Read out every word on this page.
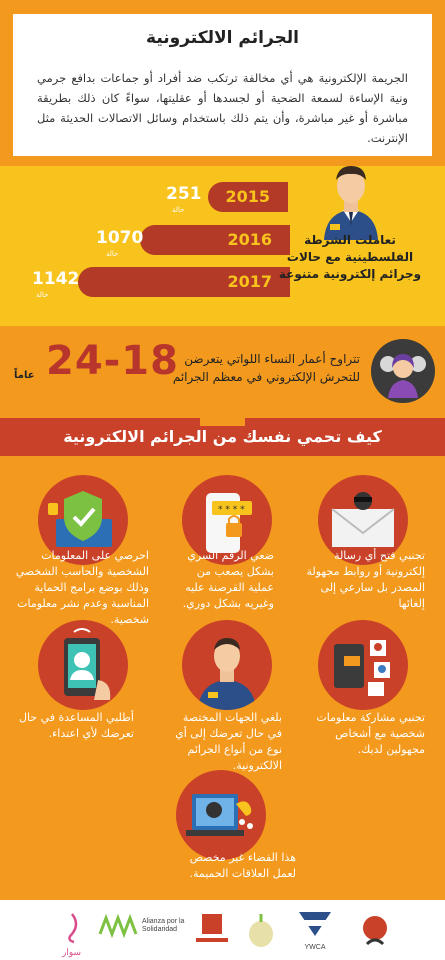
الجرائم الالكترونية
الجريمة الإلكترونية هي أي مخالفة ترتكب ضد أفراد أو جماعات بدافع جرمي ونية الإساءة لسمعة الضحية أو لجسدها أو عقليتها، سواءً كان ذلك بطريقة مباشرة أو غير مباشرة، وأن يتم ذلك باستخدام وسائل الاتصالات الحديثة مثل الإنترنت.
2015
251
حالة
2016
1070
حالة
2017
1142
حالة
تعاملت الشرطة الفلسطينية مع حالات وجرائم إلكترونية متنوعة
24-18
عاماً
تتراوح أعمار النساء اللواتي يتعرضن للتحرش الإلكتروني في معظم الجرائم
كيف تحمي نفسك من الجرائم الالكترونية
تجنبي فتح أي رسالة إلكترونية أو روابط مجهولة المصدر بل سارعي إلى إلغائها
* * * *
ضعي الرقم السري بشكل يصعب من عملية القرصنة عليه وغيريه بشكل دوري.
احرصي على المعلومات الشخصية والحاسب الشخصي وذلك بوضع برامج الحماية المناسبة وعدم نشر معلومات شخصية.
تجنبي مشاركة معلومات شخصية مع أشخاص مجهولين لديك.
بلغي الجهات المختصة في حال تعرضك إلى أي نوع من أنواع الجرائم الالكترونية.
أطلبي المساعدة في حال تعرضك لأي اعتداء.
هذا الفضاء غير مخصص لعمل العلاقات الحميمة.
YWCA
Alianza por la Solidaridad
سوار
